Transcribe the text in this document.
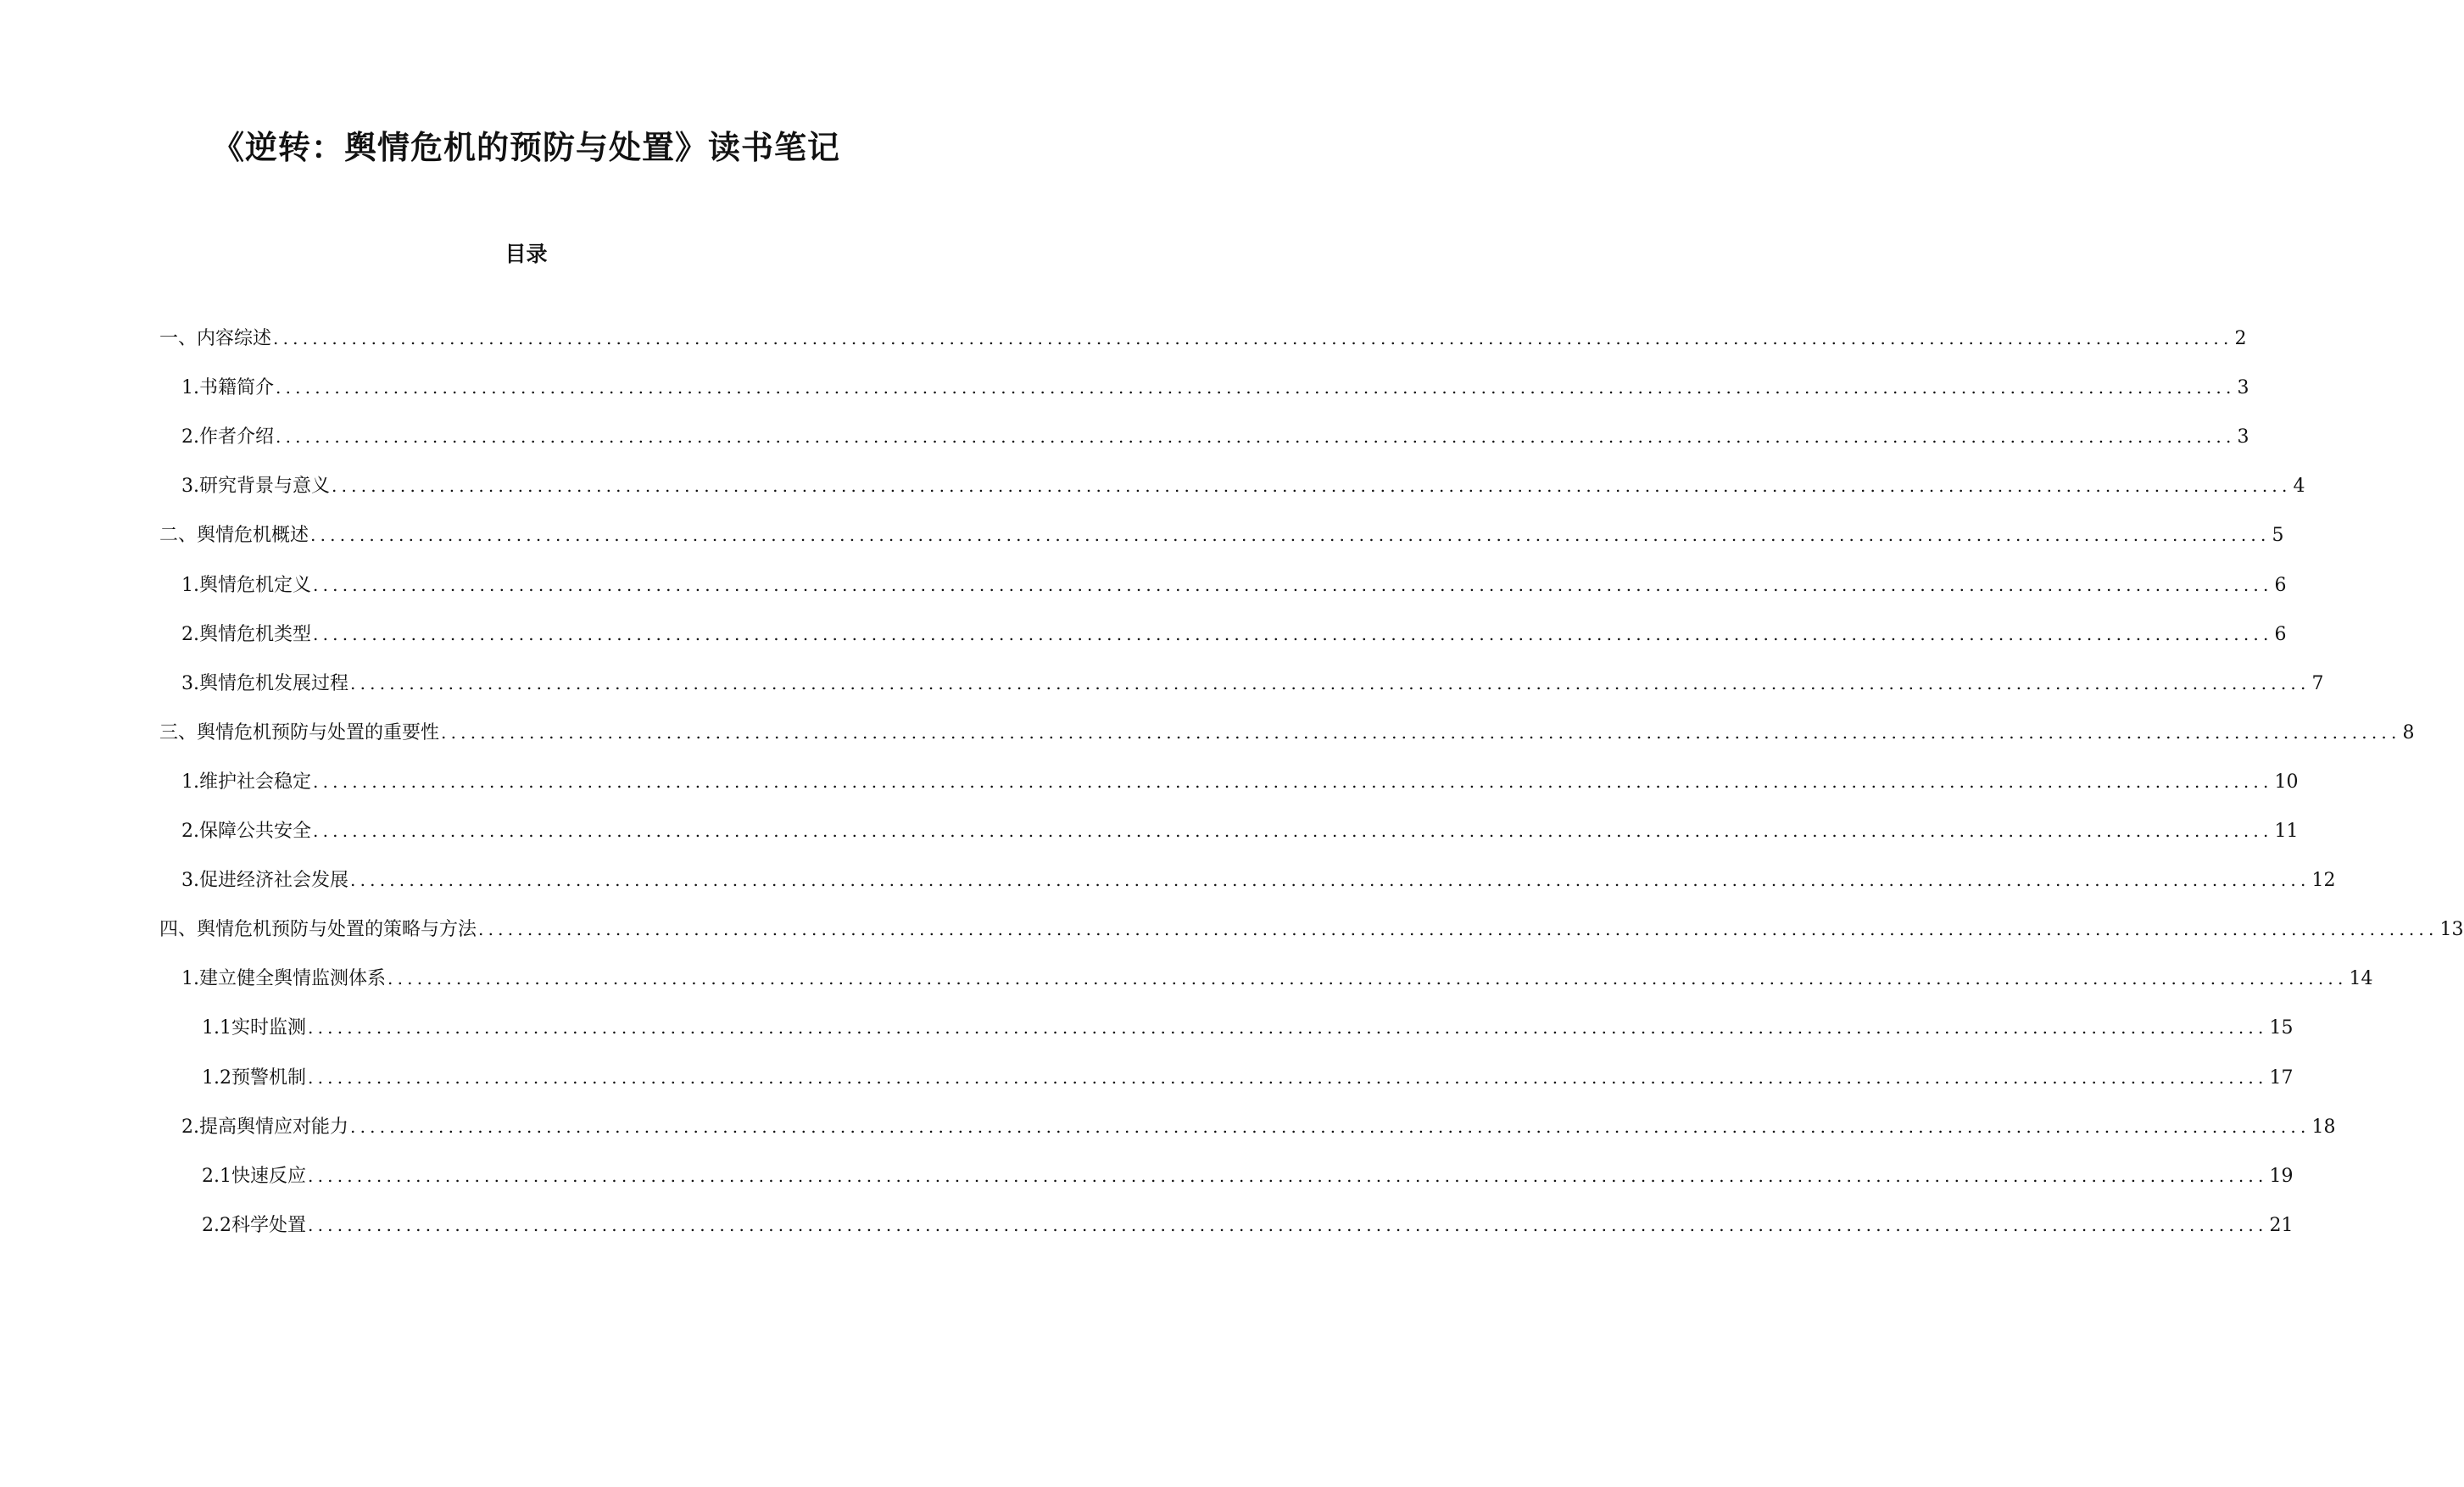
《逆转：舆情危机的预防与处置》读书笔记
目录
一、 内容综述 ........................................................................................................................................................................................................ 2
1. 书籍简介 ........................................................................................................................................................................................................ 3
2. 作者介绍 ........................................................................................................................................................................................................ 3
3. 研究背景与意义 ........................................................................................................................................................................................................ 4
二、 舆情危机概述 ........................................................................................................................................................................................................ 5
1. 舆情危机定义 ........................................................................................................................................................................................................ 6
2. 舆情危机类型 ........................................................................................................................................................................................................ 6
3. 舆情危机发展过程 ........................................................................................................................................................................................................ 7
三、 舆情危机预防与处置的重要性 ........................................................................................................................................................................................................ 8
1. 维护社会稳定 ........................................................................................................................................................................................................ 10
2. 保障公共安全 ........................................................................................................................................................................................................ 11
3. 促进经济社会发展 ........................................................................................................................................................................................................ 12
四、 舆情危机预防与处置的策略与方法 ........................................................................................................................................................................................................ 13
1. 建立健全舆情监测体系 ........................................................................................................................................................................................................ 14
1.1 实时监测 ........................................................................................................................................................................................................ 15
1.2 预警机制 ........................................................................................................................................................................................................ 17
2. 提高舆情应对能力 ........................................................................................................................................................................................................ 18
2.1 快速反应 ........................................................................................................................................................................................................ 19
2.2 科学处置 ........................................................................................................................................................................................................ 21
